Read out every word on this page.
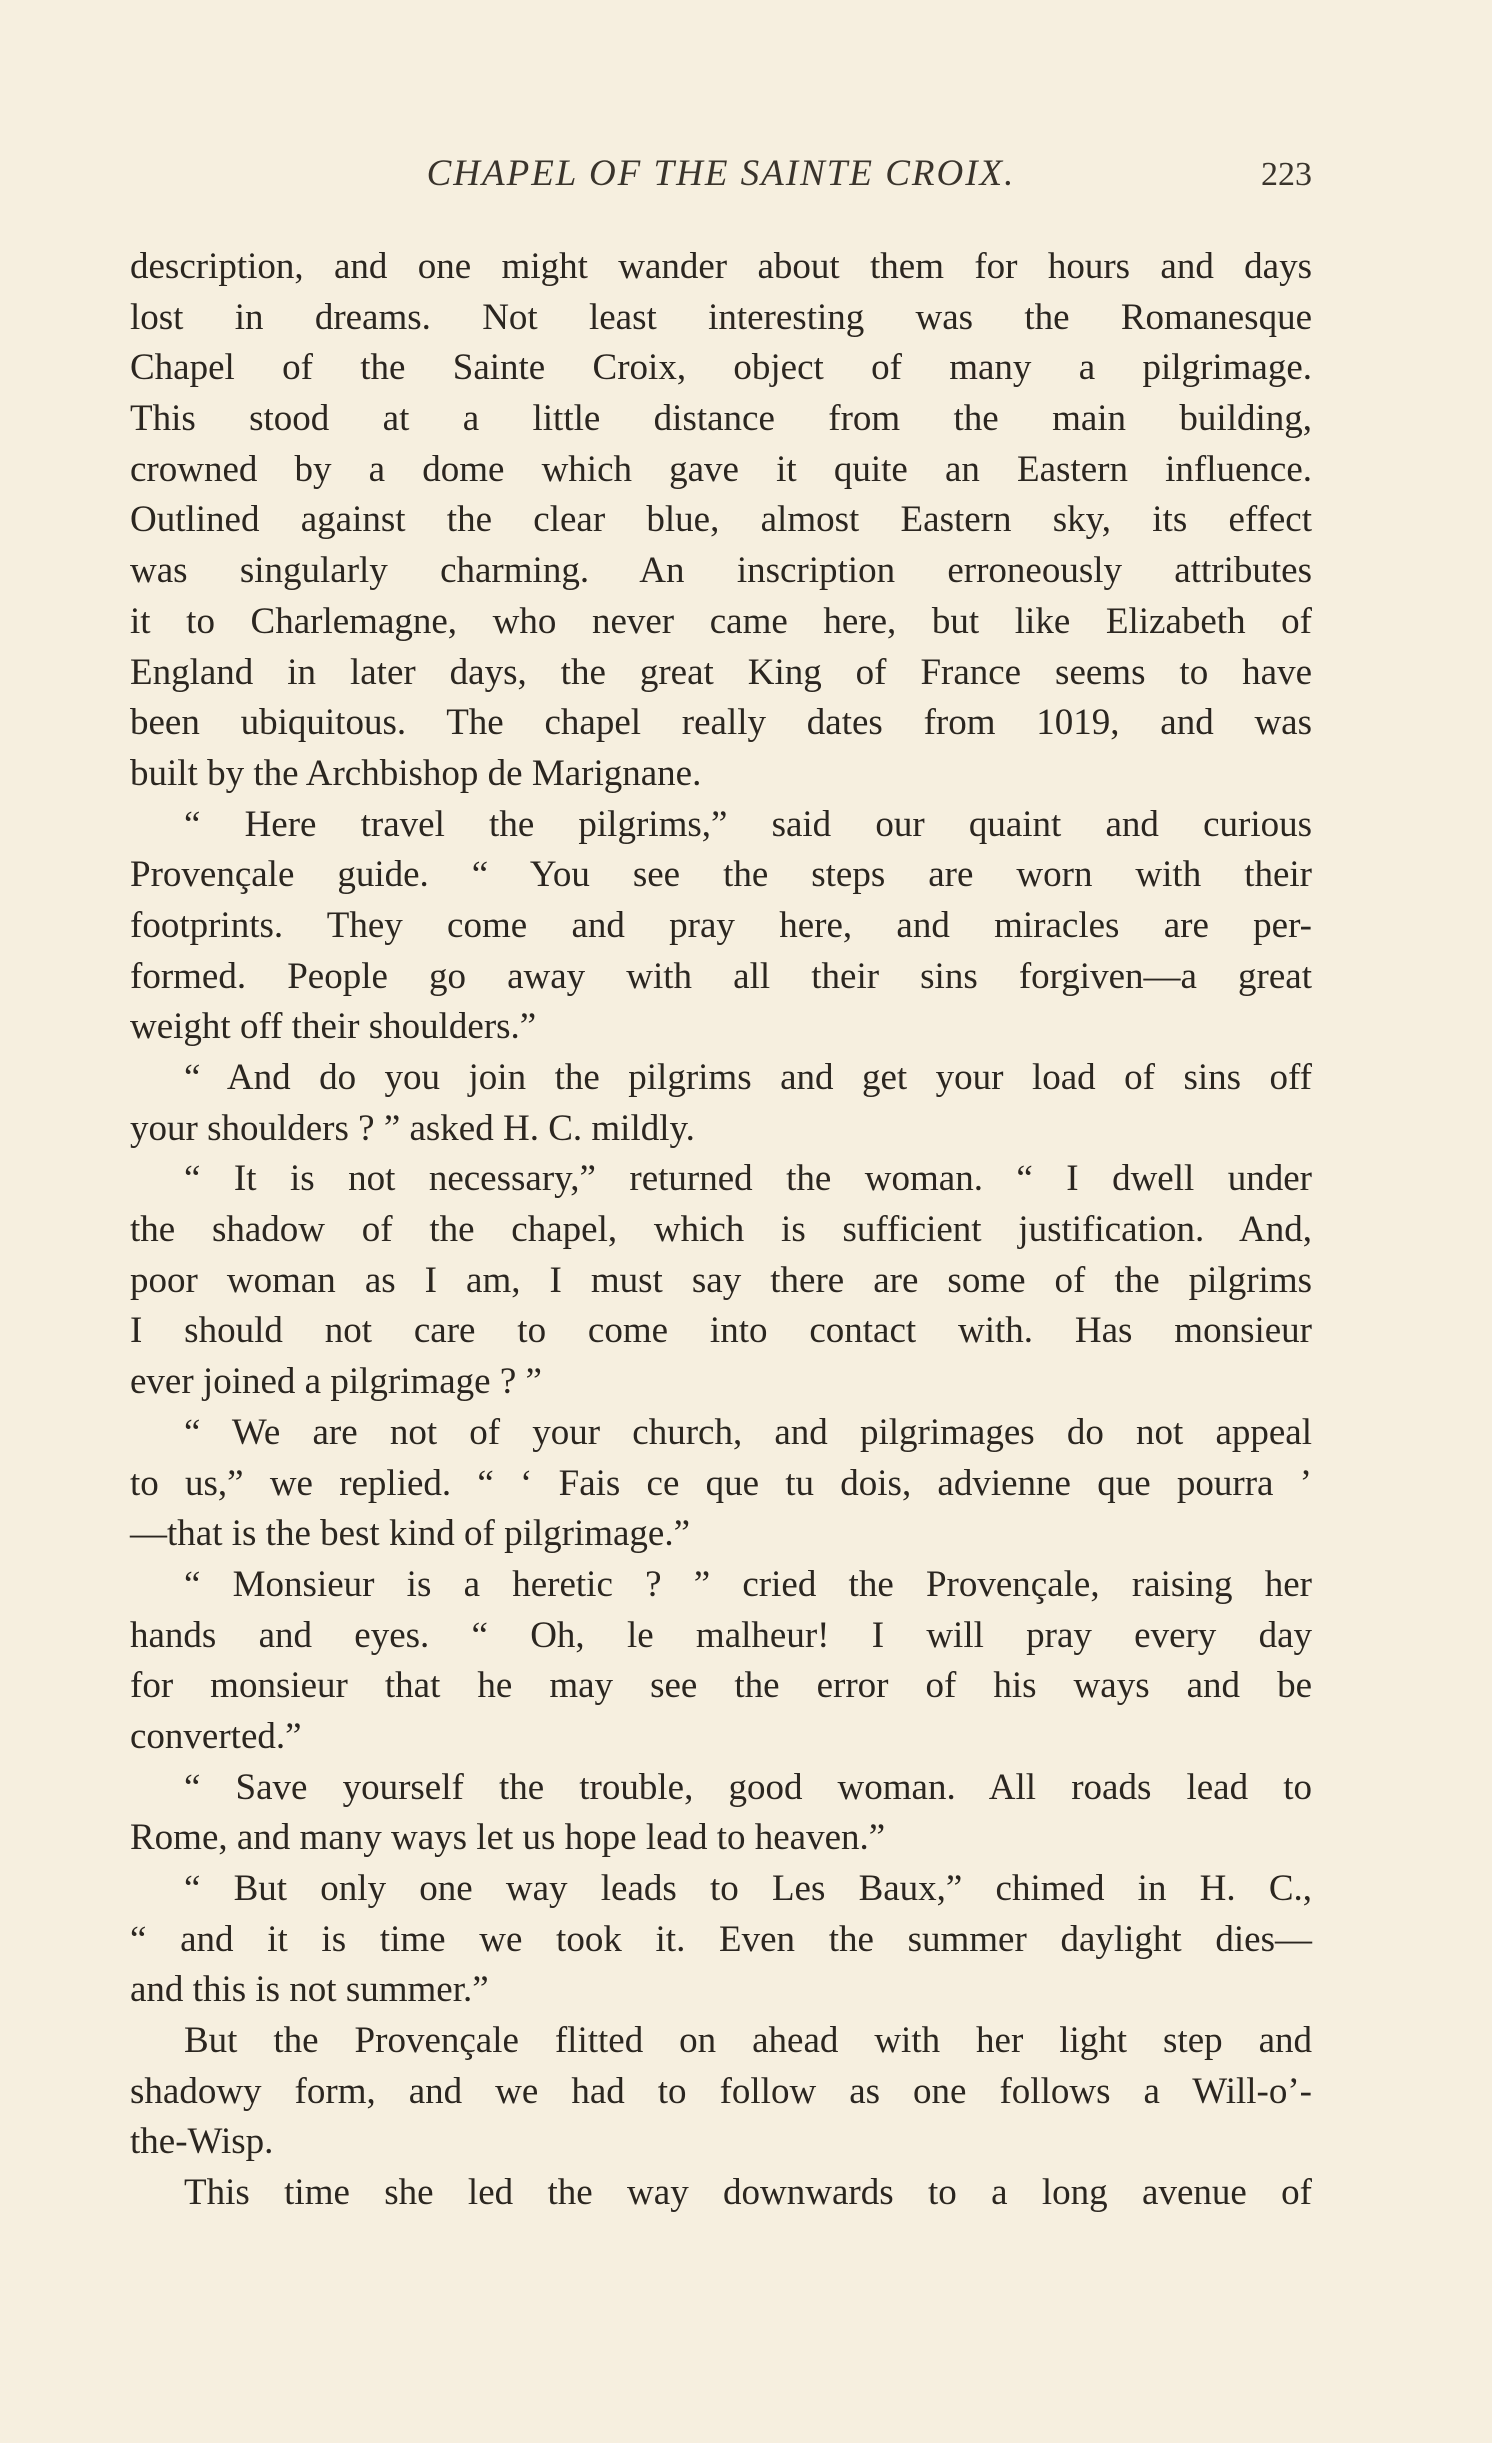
CHAPEL OF THE SAINTE CROIX.	223
description, and one might wander about them for hours and days
lost in dreams. Not least interesting was the Romanesque
Chapel of the Sainte Croix, object of many a pilgrimage.
This stood at a little distance from the main building,
crowned by a dome which gave it quite an Eastern influence.
Outlined against the clear blue, almost Eastern sky, its effect
was singularly charming. An inscription erroneously attributes
it to Charlemagne, who never came here, but like Elizabeth of
England in later days, the great King of France seems to have
been ubiquitous. The chapel really dates from 1019, and was
built by the Archbishop de Marignane.
“ Here travel the pilgrims,” said our quaint and curious
Provençale guide. “ You see the steps are worn with their
footprints. They come and pray here, and miracles are per-
formed. People go away with all their sins forgiven—a great
weight off their shoulders.”
“ And do you join the pilgrims and get your load of sins off
your shoulders ? ” asked H. C. mildly.
“ It is not necessary,” returned the woman. “ I dwell under
the shadow of the chapel, which is sufficient justification. And,
poor woman as I am, I must say there are some of the pilgrims
I should not care to come into contact with. Has monsieur
ever joined a pilgrimage ? ”
“ We are not of your church, and pilgrimages do not appeal
to us,” we replied. “ ‘ Fais ce que tu dois, advienne que pourra ’
—that is the best kind of pilgrimage.”
“ Monsieur is a heretic ? ” cried the Provençale, raising her
hands and eyes. “ Oh, le malheur! I will pray every day
for monsieur that he may see the error of his ways and be
converted.”
“ Save yourself the trouble, good woman. All roads lead to
Rome, and many ways let us hope lead to heaven.”
“ But only one way leads to Les Baux,” chimed in H. C.,
“ and it is time we took it. Even the summer daylight dies—
and this is not summer.”
But the Provençale flitted on ahead with her light step and
shadowy form, and we had to follow as one follows a Will-o’-
the-Wisp.
This time she led the way downwards to a long avenue of
